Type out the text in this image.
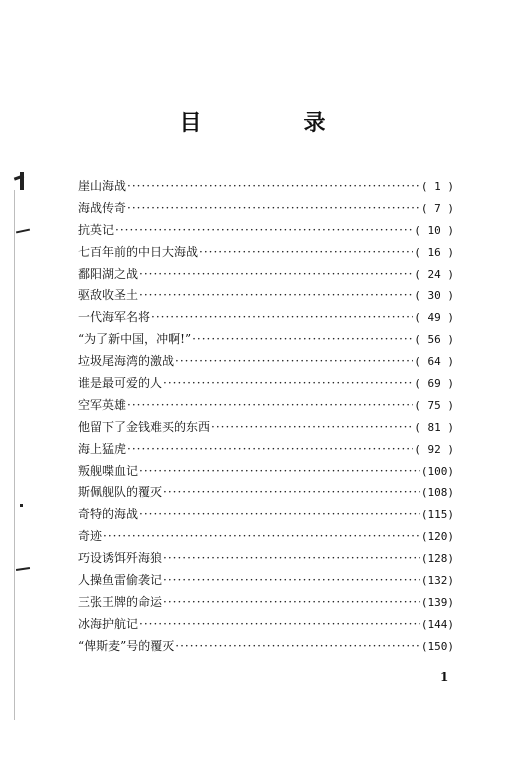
目　录
崖山海战 ·····	( 1 )
海战传奇 ·····	( 7 )
抗英记 ·····	( 10 )
七百年前的中日大海战 ·····	( 16 )
鄱阳湖之战 ·····	( 24 )
驱敌收圣土 ·····	( 30 )
一代海军名将 ·····	( 49 )
“为了新中国，冲啊!” ·····	( 56 )
垃圾尾海湾的激战 ·····	( 64 )
谁是最可爱的人 ·····	( 69 )
空军英雄 ·····	( 75 )
他留下了金钱难买的东西 ·····	( 81 )
海上猛虎 ·····	( 92 )
叛舰喋血记 ·····	(100)
斯佩舰队的覆灭 ·····	(108)
奇特的海战 ·····	(115)
奇迹 ·····	(120)
巧设诱饵歼海狼 ·····	(128)
人操鱼雷偷袭记 ·····	(132)
三张王牌的命运 ·····	(139)
冰海护航记 ·····	(144)
“俾斯麦”号的覆灭 ·····	(150)
1
